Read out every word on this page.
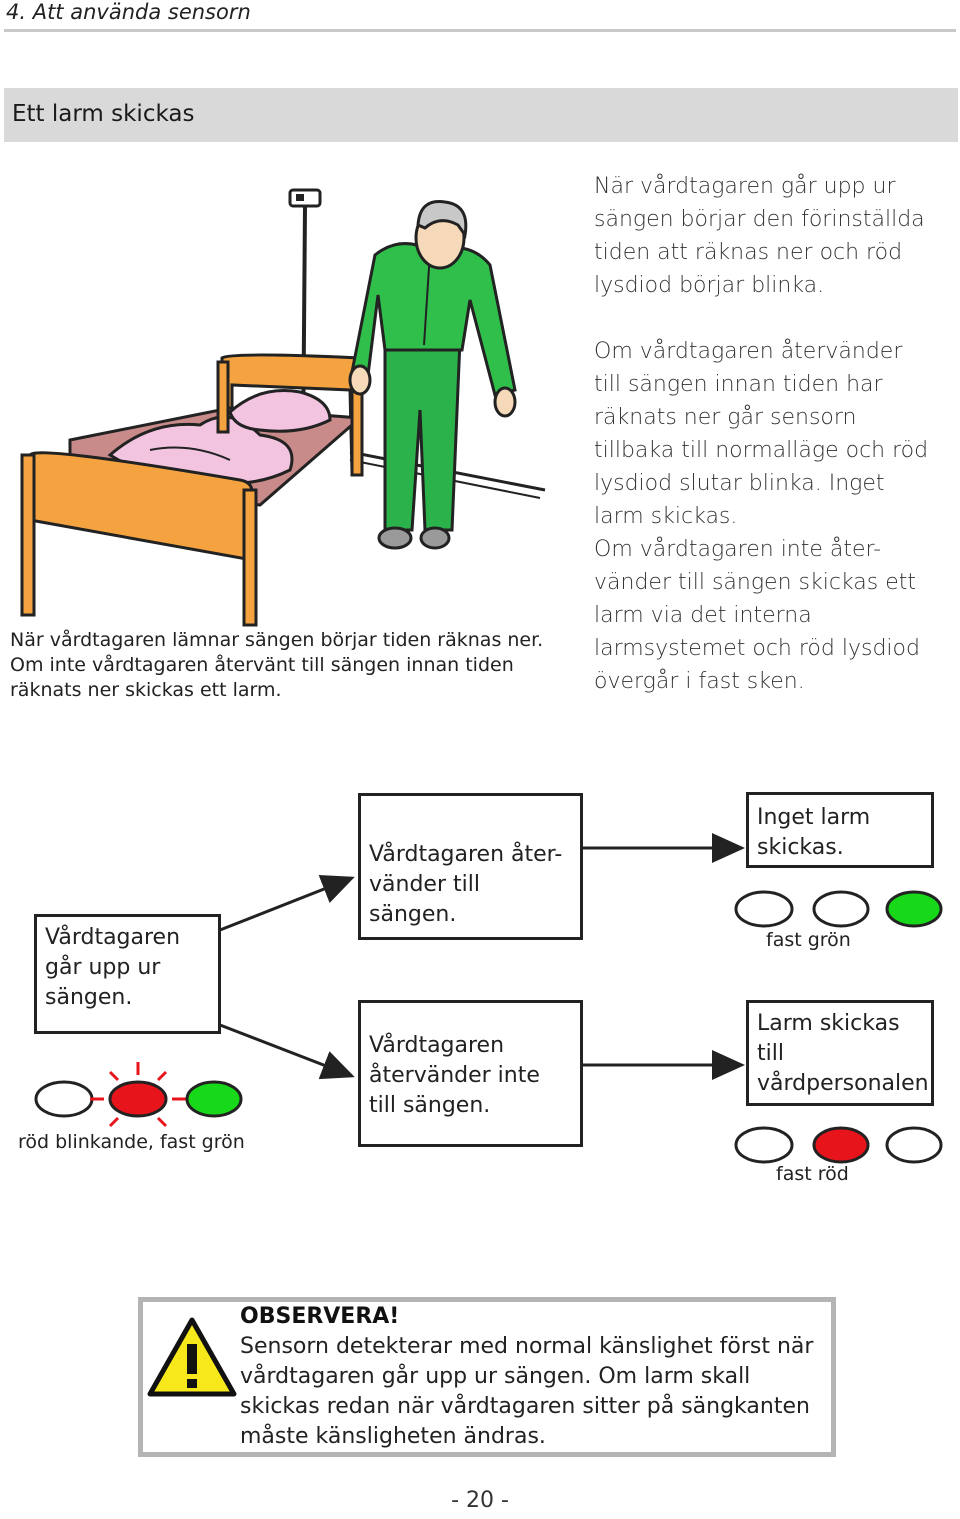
4. Att använda sensorn
Ett larm skickas
När vårdtagaren går upp ur sängen börjar den förinställda tiden att räknas ner och röd lysdiod börjar blinka.
Om vårdtagaren återvänder till sängen innan tiden har räknats ner går sensorn tillbaka till normalläge och röd lysdiod slutar blinka. Inget larm skickas.
Om vårdtagaren inte åter-vänder till sängen skickas ett larm via det interna larmsystemet och röd lysdiod övergår i fast sken.
När vårdtagaren lämnar sängen börjar tiden räknas ner. Om inte vårdtagaren återvänt till sängen innan tiden räknats ner skickas ett larm.
Vårdtagaren går upp ur sängen.
Vårdtagaren åter-vänder till sängen.
Vårdtagaren återvänder inte till sängen.
Inget larm skickas.
Larm skickas till vårdpersonalen.
röd blinkande, fast grön
fast grön
fast röd
OBSERVERA!
Sensorn detekterar med normal känslighet först när vårdtagaren går upp ur sängen. Om larm skall skickas redan när vårdtagaren sitter på sängkanten måste känsligheten ändras.
- 20 -
